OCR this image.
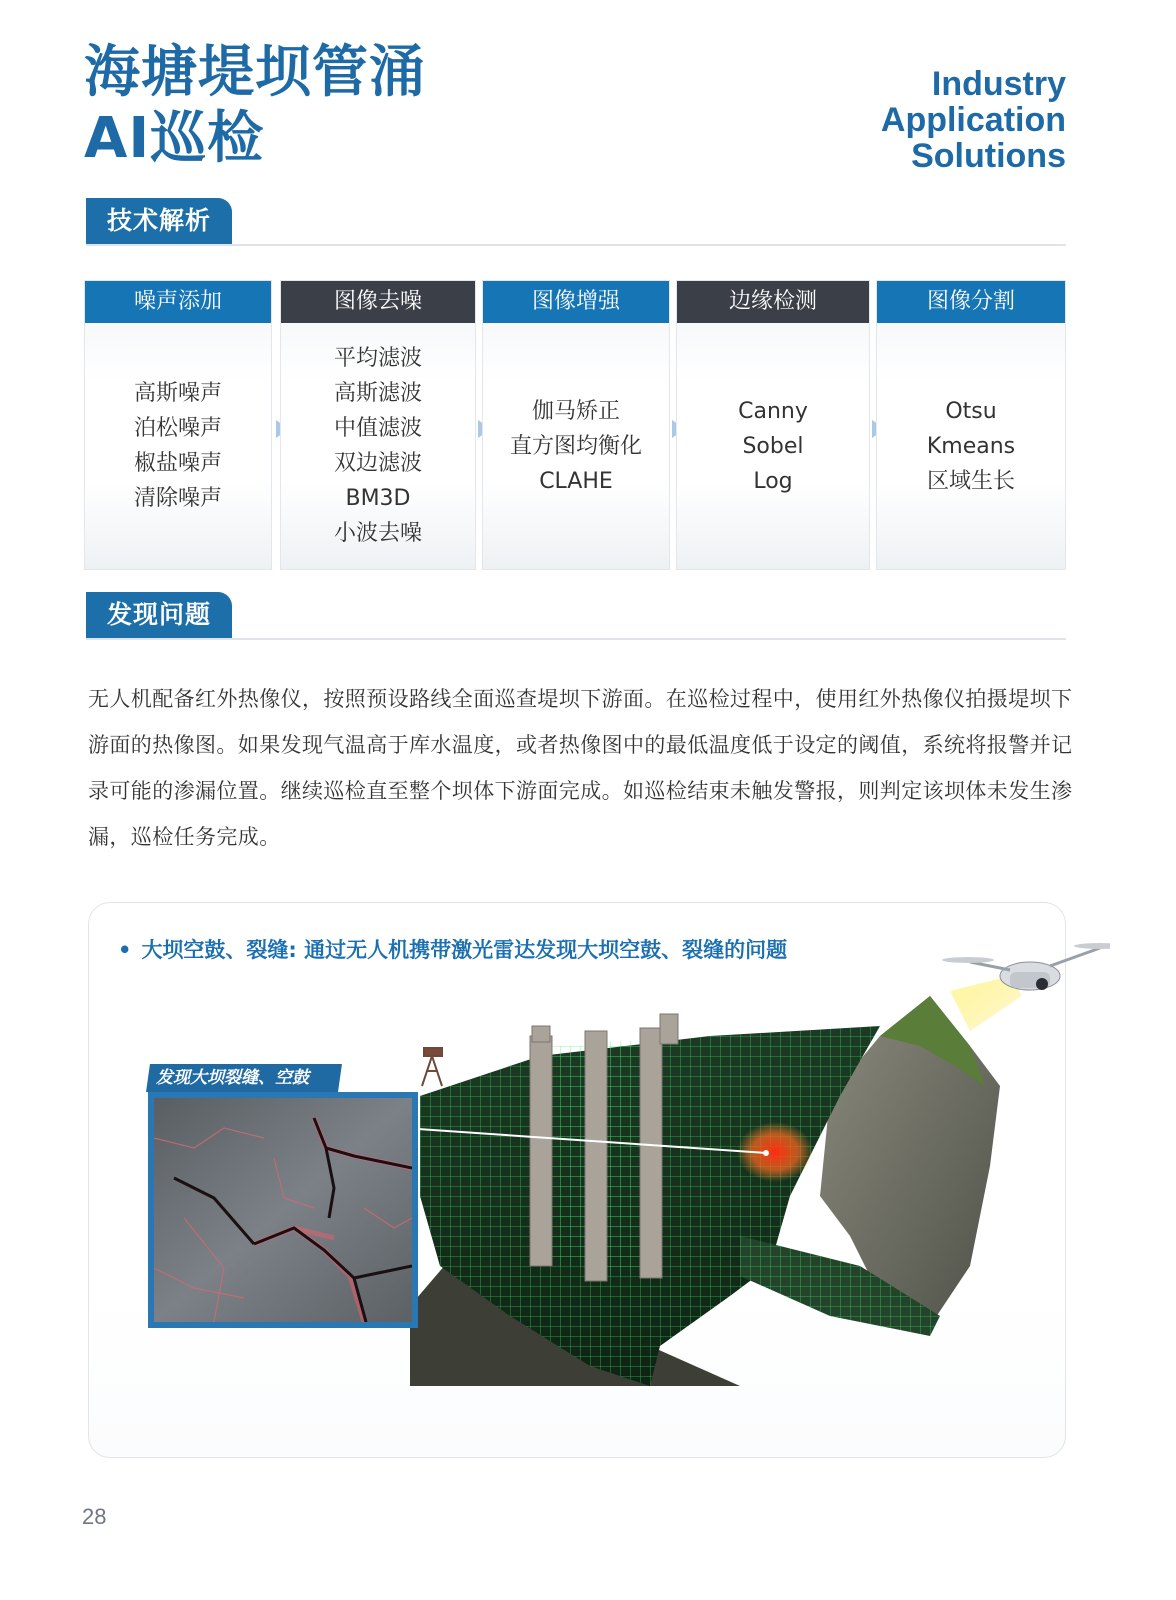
海塘堤坝管涌
AI巡检
Industry
Application
Solutions
技术解析
噪声添加
高斯噪声
泊松噪声
椒盐噪声
清除噪声
图像去噪
平均滤波
高斯滤波
中值滤波
双边滤波
BM3D
小波去噪
图像增强
伽马矫正
直方图均衡化
CLAHE
边缘检测
Canny
Sobel
Log
图像分割
Otsu
Kmeans
区域生长
发现问题

无人机配备红外热像仪，按照预设路线全面巡查堤坝下游面。在巡检过程中，使用红外热像仪拍摄堤坝下游面的热像图。如果发现气温高于库水温度，或者热像图中的最低温度低于设定的阈值，系统将报警并记录可能的渗漏位置。继续巡检直至整个坝体下游面完成。如巡检结束未触发警报，则判定该坝体未发生渗漏，巡检任务完成。

• 大坝空鼓、裂缝: 通过无人机携带激光雷达发现大坝空鼓、裂缝的问题
发现大坝裂缝、空鼓
28
